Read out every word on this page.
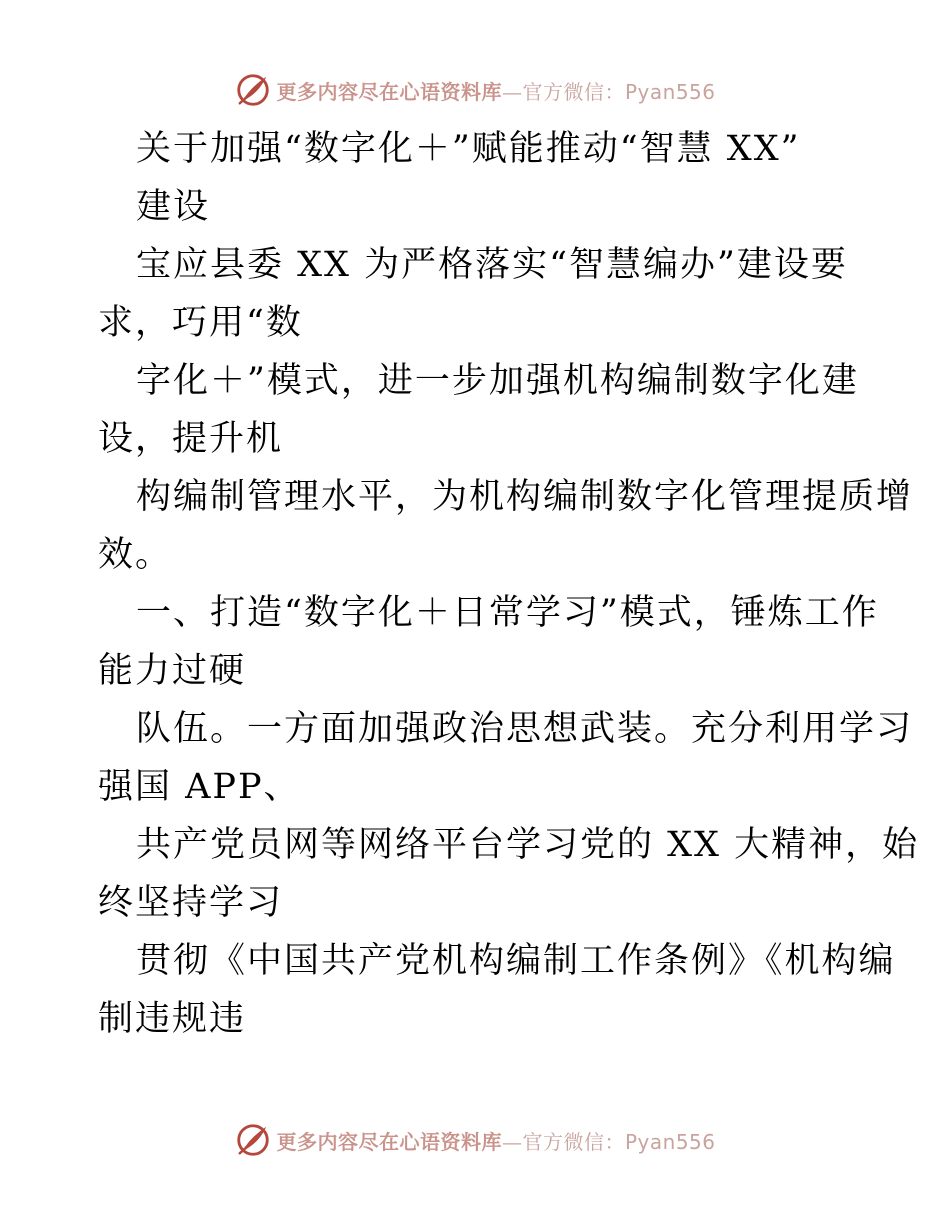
更多内容尽在心语资料库—官方微信：Pyan556
关于加强“数字化＋”赋能推动“智慧 XX”
建设
宝应县委 XX 为严格落实“智慧编办”建设要
求，巧用“数
字化＋”模式，进一步加强机构编制数字化建
设，提升机
构编制管理水平，为机构编制数字化管理提质增
效。
一、打造“数字化＋日常学习”模式，锤炼工作
能力过硬
队伍。一方面加强政治思想武装。充分利用学习
强国 APP、
共产党员网等网络平台学习党的 XX 大精神，始
终坚持学习
贯彻《中国共产党机构编制工作条例》《机构编
制违规违
更多内容尽在心语资料库—官方微信：Pyan556
